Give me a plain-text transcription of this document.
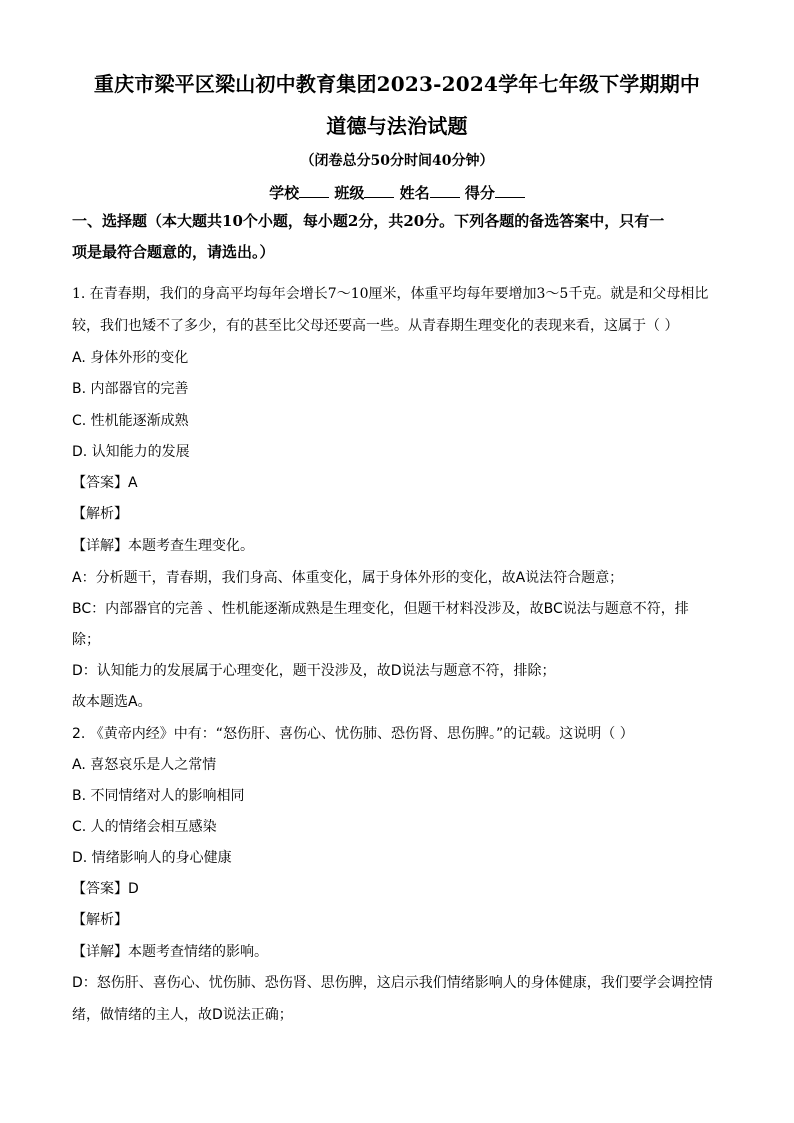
重庆市梁平区梁山初中教育集团2023-2024学年七年级下学期期中
道德与法治试题
（闭卷总分50分时间40分钟）
学校 班级 姓名 得分
一、选择题（本大题共10个小题，每小题2分，共20分。下列各题的备选答案中，只有一
项是最符合题意的，请选出。）
1. 在青春期，我们的身高平均每年会增长7～10厘米，体重平均每年要增加3～5千克。就是和父母相比
较，我们也矮不了多少，有的甚至比父母还要高一些。从青春期生理变化的表现来看，这属于（ ）
A. 身体外形的变化
B. 内部器官的完善
C. 性机能逐渐成熟
D. 认知能力的发展
【答案】A
【解析】
【详解】本题考查生理变化。
A：分析题干，青春期，我们身高、体重变化，属于身体外形的变化，故A说法符合题意；
BC：内部器官的完善 、性机能逐渐成熟是生理变化，但题干材料没涉及，故BC说法与题意不符，排
除；
D：认知能力的发展属于心理变化，题干没涉及，故D说法与题意不符，排除；
故本题选A。
2. 《黄帝内经》中有：“怒伤肝、喜伤心、忧伤肺、恐伤肾、思伤脾。”的记载。这说明（ ）
A. 喜怒哀乐是人之常情
B. 不同情绪对人的影响相同
C. 人的情绪会相互感染
D. 情绪影响人的身心健康
【答案】D
【解析】
【详解】本题考查情绪的影响。
D：怒伤肝、喜伤心、忧伤肺、恐伤肾、思伤脾，这启示我们情绪影响人的身体健康，我们要学会调控情
绪，做情绪的主人，故D说法正确；
